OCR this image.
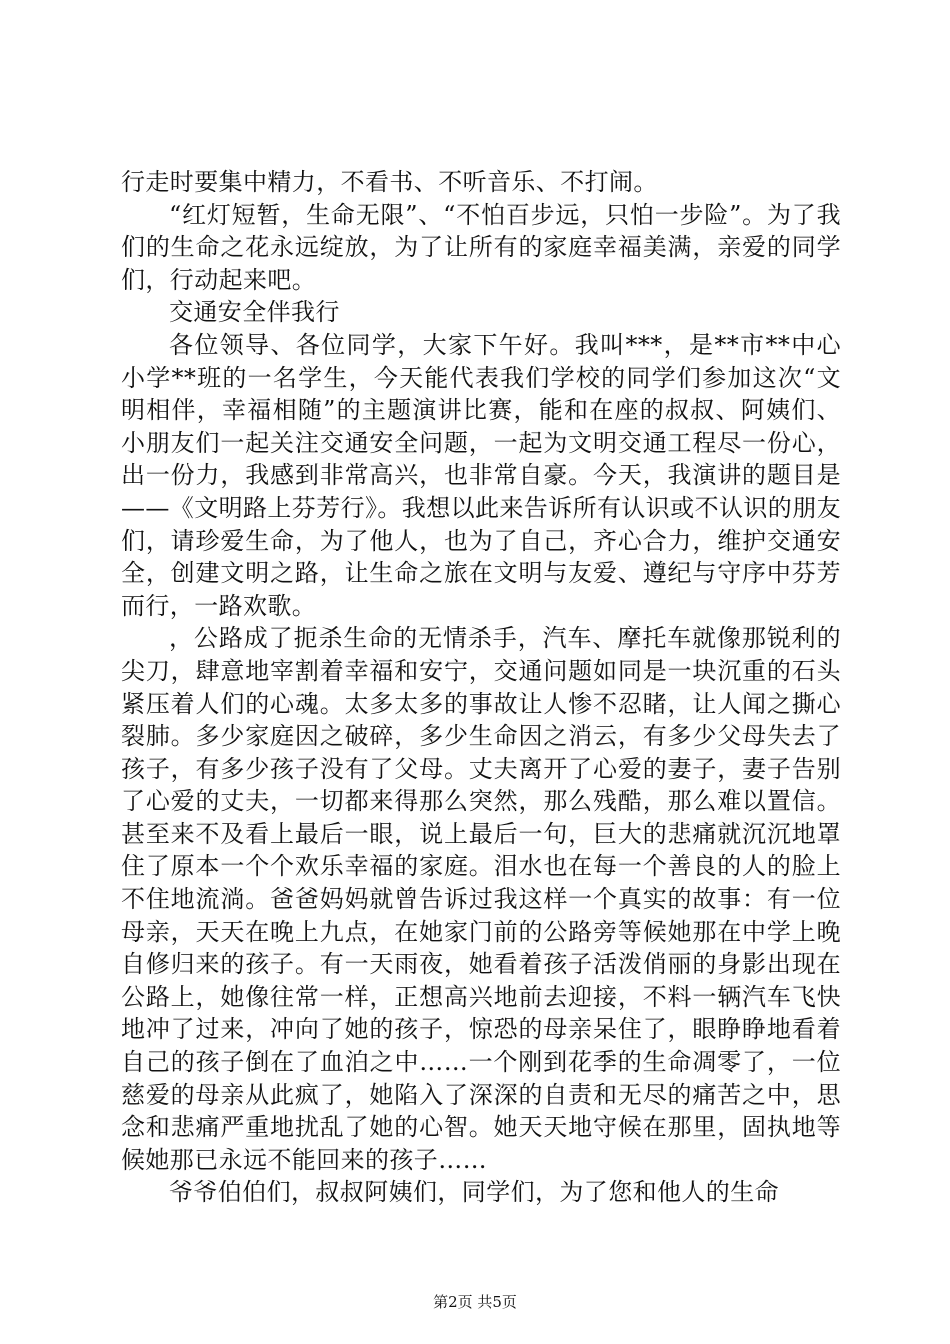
行走时要集中精力，不看书、不听音乐、不打闹。

“红灯短暂，生命无限”、“不怕百步远，只怕一步险”。为了我们的生命之花永远绽放，为了让所有的家庭幸福美满，亲爱的同学们，行动起来吧。

交通安全伴我行

各位领导、各位同学，大家下午好。我叫***，是**市**中心小学**班的一名学生，今天能代表我们学校的同学们参加这次“文明相伴，幸福相随”的主题演讲比赛，能和在座的叔叔、阿姨们、小朋友们一起关注交通安全问题，一起为文明交通工程尽一份心，出一份力，我感到非常高兴，也非常自豪。今天，我演讲的题目是——《文明路上芬芳行》。我想以此来告诉所有认识或不认识的朋友们，请珍爱生命，为了他人，也为了自己，齐心合力，维护交通安全，创建文明之路，让生命之旅在文明与友爱、遵纪与守序中芬芳而行，一路欢歌。

，公路成了扼杀生命的无情杀手，汽车、摩托车就像那锐利的尖刀，肆意地宰割着幸福和安宁，交通问题如同是一块沉重的石头紧压着人们的心魂。太多太多的事故让人惨不忍睹，让人闻之撕心裂肺。多少家庭因之破碎，多少生命因之消云，有多少父母失去了孩子，有多少孩子没有了父母。丈夫离开了心爱的妻子，妻子告别了心爱的丈夫，一切都来得那么突然，那么残酷，那么难以置信。甚至来不及看上最后一眼，说上最后一句，巨大的悲痛就沉沉地罩住了原本一个个欢乐幸福的家庭。泪水也在每一个善良的人的脸上不住地流淌。爸爸妈妈就曾告诉过我这样一个真实的故事：有一位母亲，天天在晚上九点，在她家门前的公路旁等候她那在中学上晚自修归来的孩子。有一天雨夜，她看着孩子活泼俏丽的身影出现在公路上，她像往常一样，正想高兴地前去迎接，不料一辆汽车飞快地冲了过来，冲向了她的孩子，惊恐的母亲呆住了，眼睁睁地看着自己的孩子倒在了血泊之中……一个刚到花季的生命凋零了，一位慈爱的母亲从此疯了，她陷入了深深的自责和无尽的痛苦之中，思念和悲痛严重地扰乱了她的心智。她天天地守候在那里，固执地等候她那已永远不能回来的孩子……

爷爷伯伯们，叔叔阿姨们，同学们，为了您和他人的生命

第2页 共5页
